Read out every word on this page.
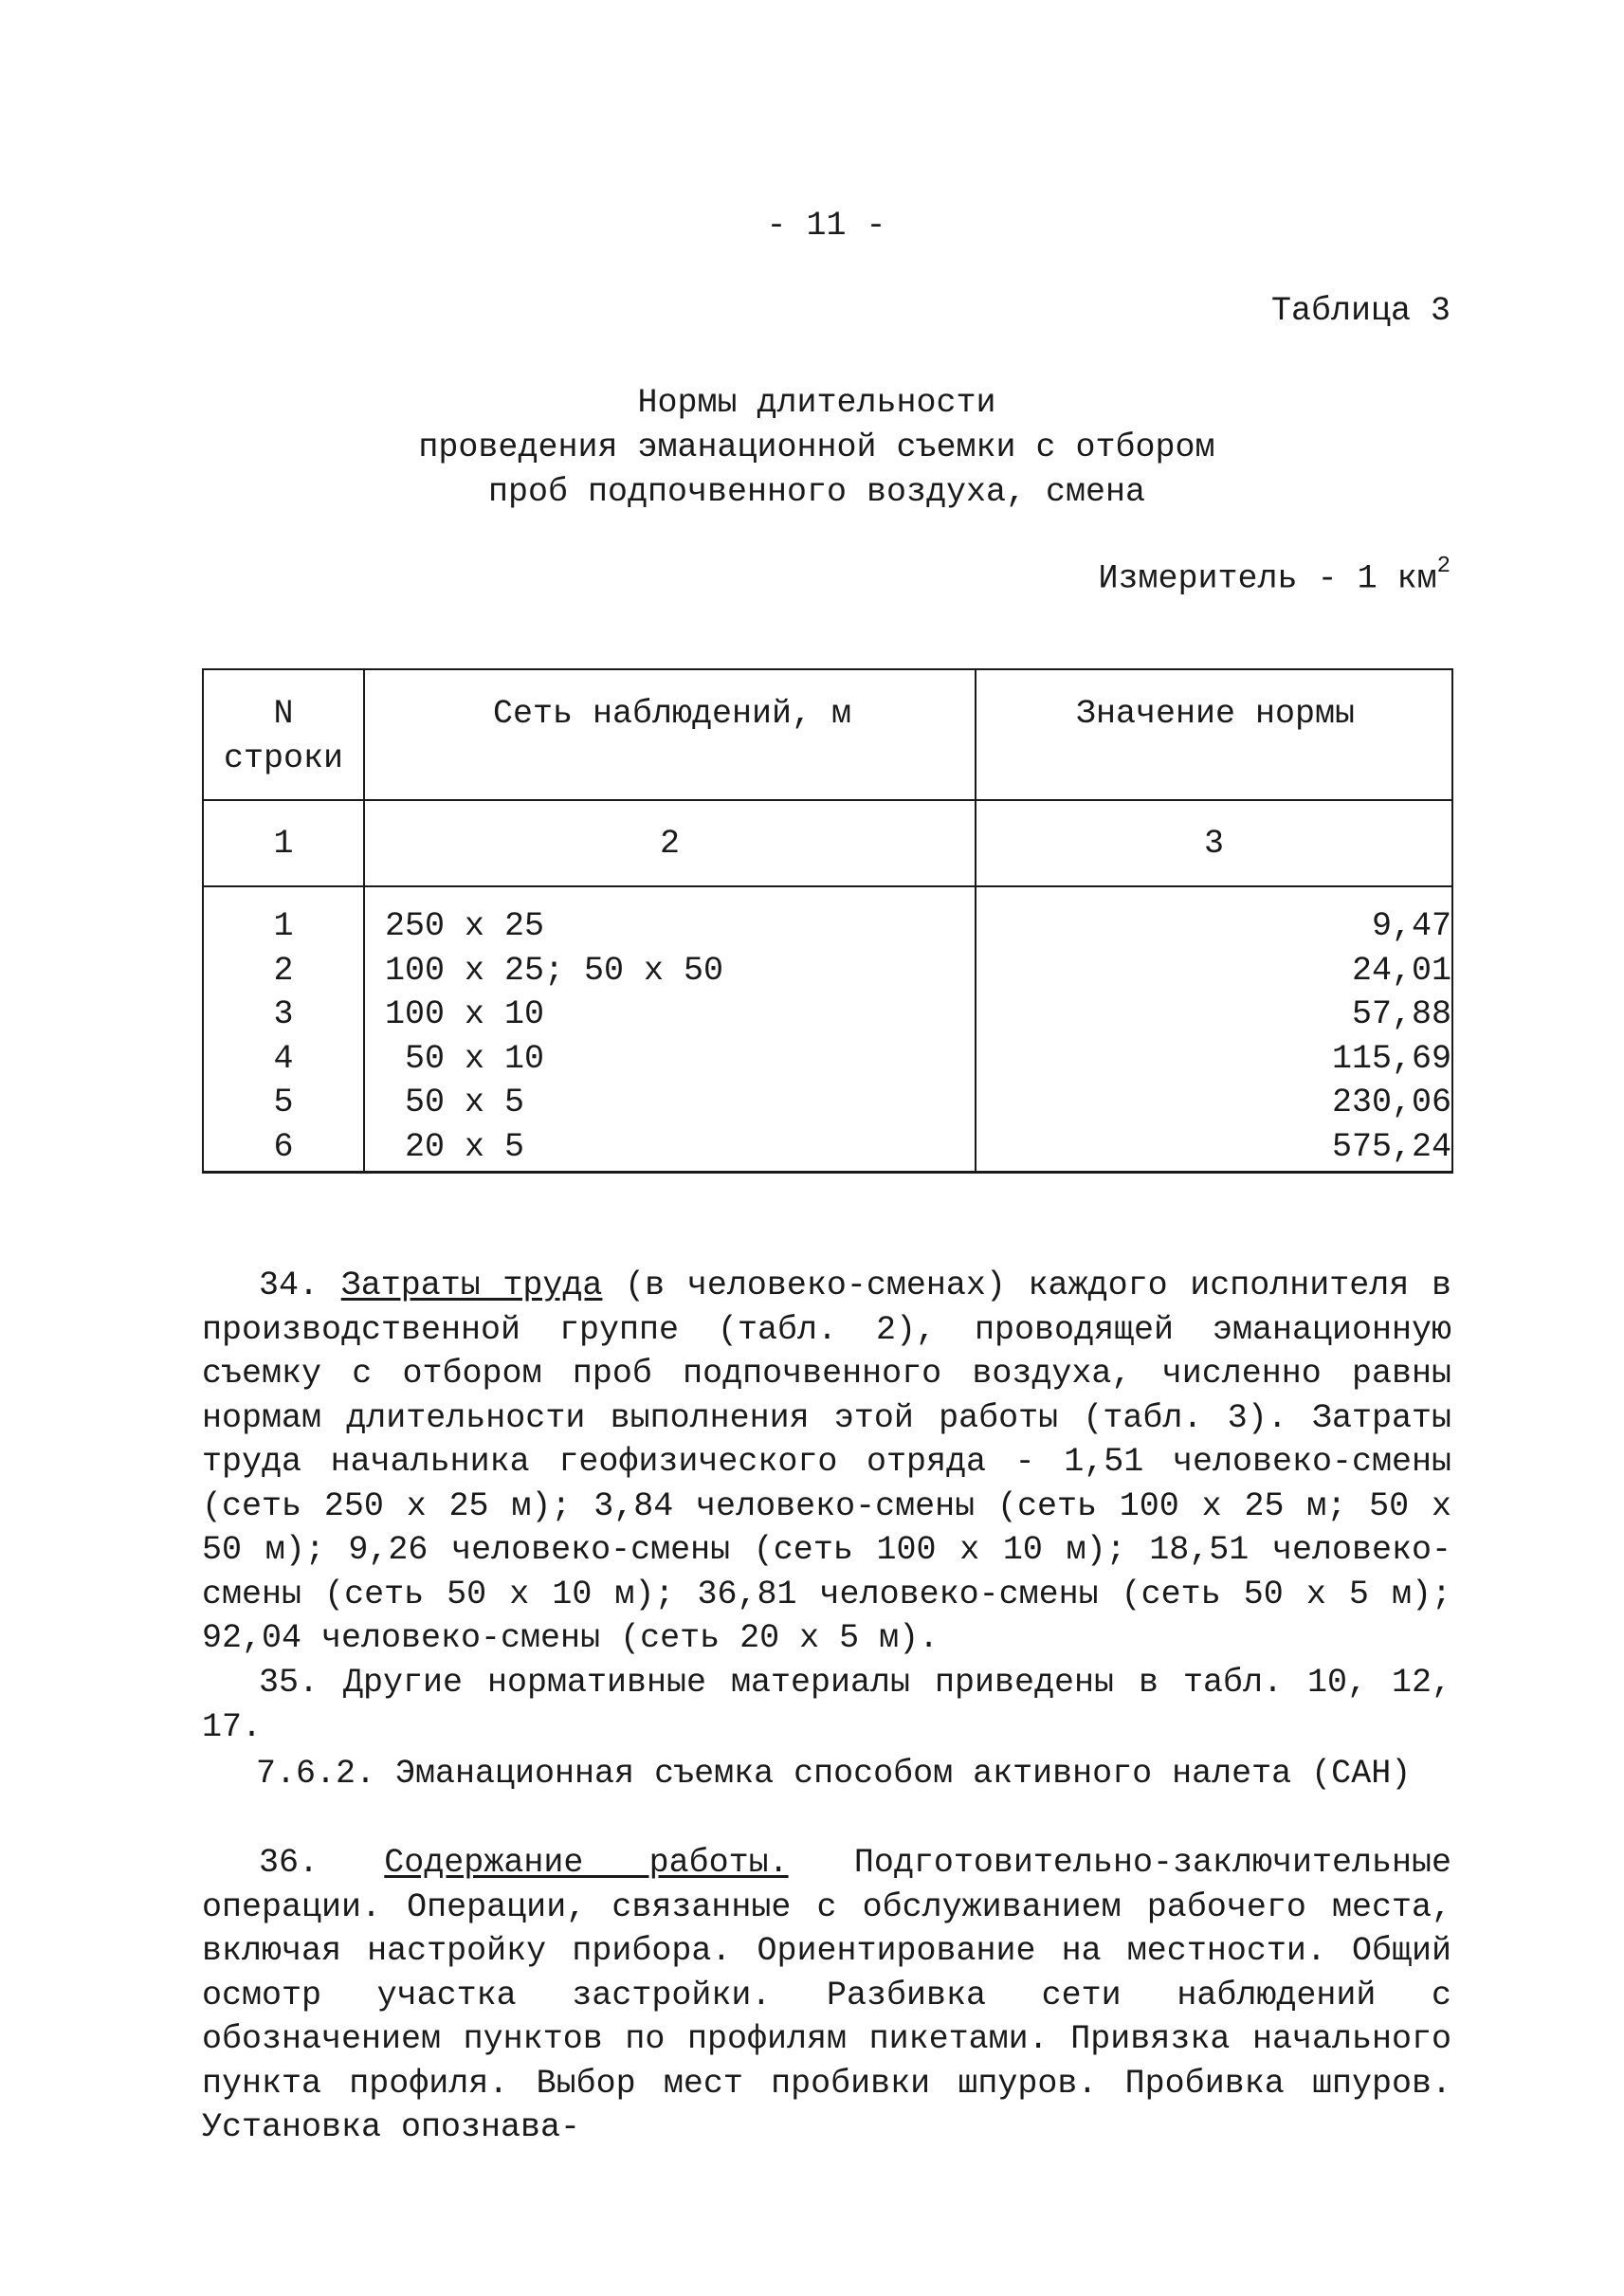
- 11 -
Таблица 3
Нормы длительности
проведения эманационной съемки с отбором
проб подпочвенного воздуха, смена
Измеритель - 1 $км^2$
N
строки	Сеть наблюдений, м	Значение нормы
1	2	3
1	250 x 25	9,47
2	100 x 25; 50 x 50	24,01
3	100 x 10	57,88
4	50 x 10	115,69
5	50 x 5	230,06
6	20 x 5	575,24

34. Затраты труда (в человеко-сменах) каждого исполнителя в производственной группе (табл. 2), проводящей эманационную съемку с отбором проб подпочвенного воздуха, численно равны нормам длительности выполнения этой работы (табл. 3). Затраты труда начальника геофизического отряда - 1,51 человеко-смены (сеть 250 х 25 м); 3,84 человеко-смены (сеть 100 х 25 м; 50 х 50 м); 9,26 человеко-смены (сеть 100 х 10 м); 18,51 человеко-смены (сеть 50 х 10 м); 36,81 человеко-смены (сеть 50 х 5 м); 92,04 человеко-смены (сеть 20 х 5 м).

35. Другие нормативные материалы приведены в табл. 10, 12, 17.

7.6.2. Эманационная съемка способом активного налета (САН)

36. Содержание работы. Подготовительно-заключительные операции. Операции, связанные с обслуживанием рабочего места, включая настройку прибора. Ориентирование на местности. Общий осмотр участка застройки. Разбивка сети наблюдений с обозначением пунктов по профилям пикетами. Привязка начального пункта профиля. Выбор мест пробивки шпуров. Пробивка шпуров. Установка опознава-
